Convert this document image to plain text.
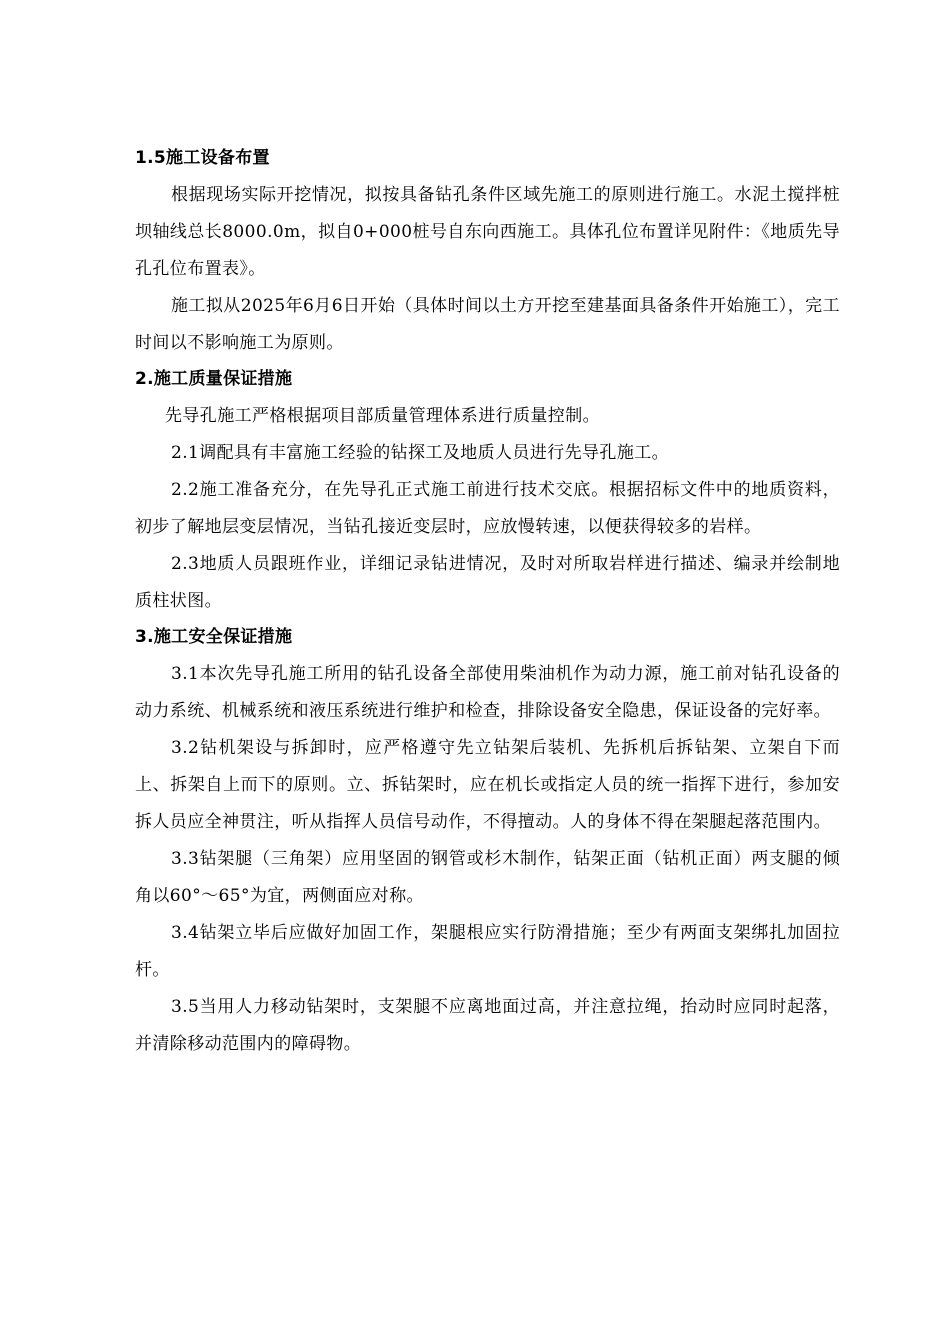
1.5施工设备布置

根据现场实际开挖情况，拟按具备钻孔条件区域先施工的原则进行施工。水泥土搅拌桩坝轴线总长8000.0m，拟自0+000桩号自东向西施工。具体孔位布置详见附件：《地质先导孔孔位布置表》。

施工拟从2025年6月6日开始（具体时间以土方开挖至建基面具备条件开始施工），完工时间以不影响施工为原则。

2.施工质量保证措施

先导孔施工严格根据项目部质量管理体系进行质量控制。

2.1调配具有丰富施工经验的钻探工及地质人员进行先导孔施工。

2.2施工准备充分，在先导孔正式施工前进行技术交底。根据招标文件中的地质资料，初步了解地层变层情况，当钻孔接近变层时，应放慢转速，以便获得较多的岩样。

2.3地质人员跟班作业，详细记录钻进情况，及时对所取岩样进行描述、编录并绘制地质柱状图。

3.施工安全保证措施

3.1本次先导孔施工所用的钻孔设备全部使用柴油机作为动力源，施工前对钻孔设备的动力系统、机械系统和液压系统进行维护和检查，排除设备安全隐患，保证设备的完好率。

3.2钻机架设与拆卸时，应严格遵守先立钻架后装机、先拆机后拆钻架、立架自下而上、拆架自上而下的原则。立、拆钻架时，应在机长或指定人员的统一指挥下进行，参加安拆人员应全神贯注，听从指挥人员信号动作，不得擅动。人的身体不得在架腿起落范围内。

3.3钻架腿（三角架）应用坚固的钢管或杉木制作，钻架正面（钻机正面）两支腿的倾角以60°～65°为宜，两侧面应对称。

3.4钻架立毕后应做好加固工作，架腿根应实行防滑措施；至少有两面支架绑扎加固拉杆。

3.5当用人力移动钻架时，支架腿不应离地面过高，并注意拉绳，抬动时应同时起落，并清除移动范围内的障碍物。
